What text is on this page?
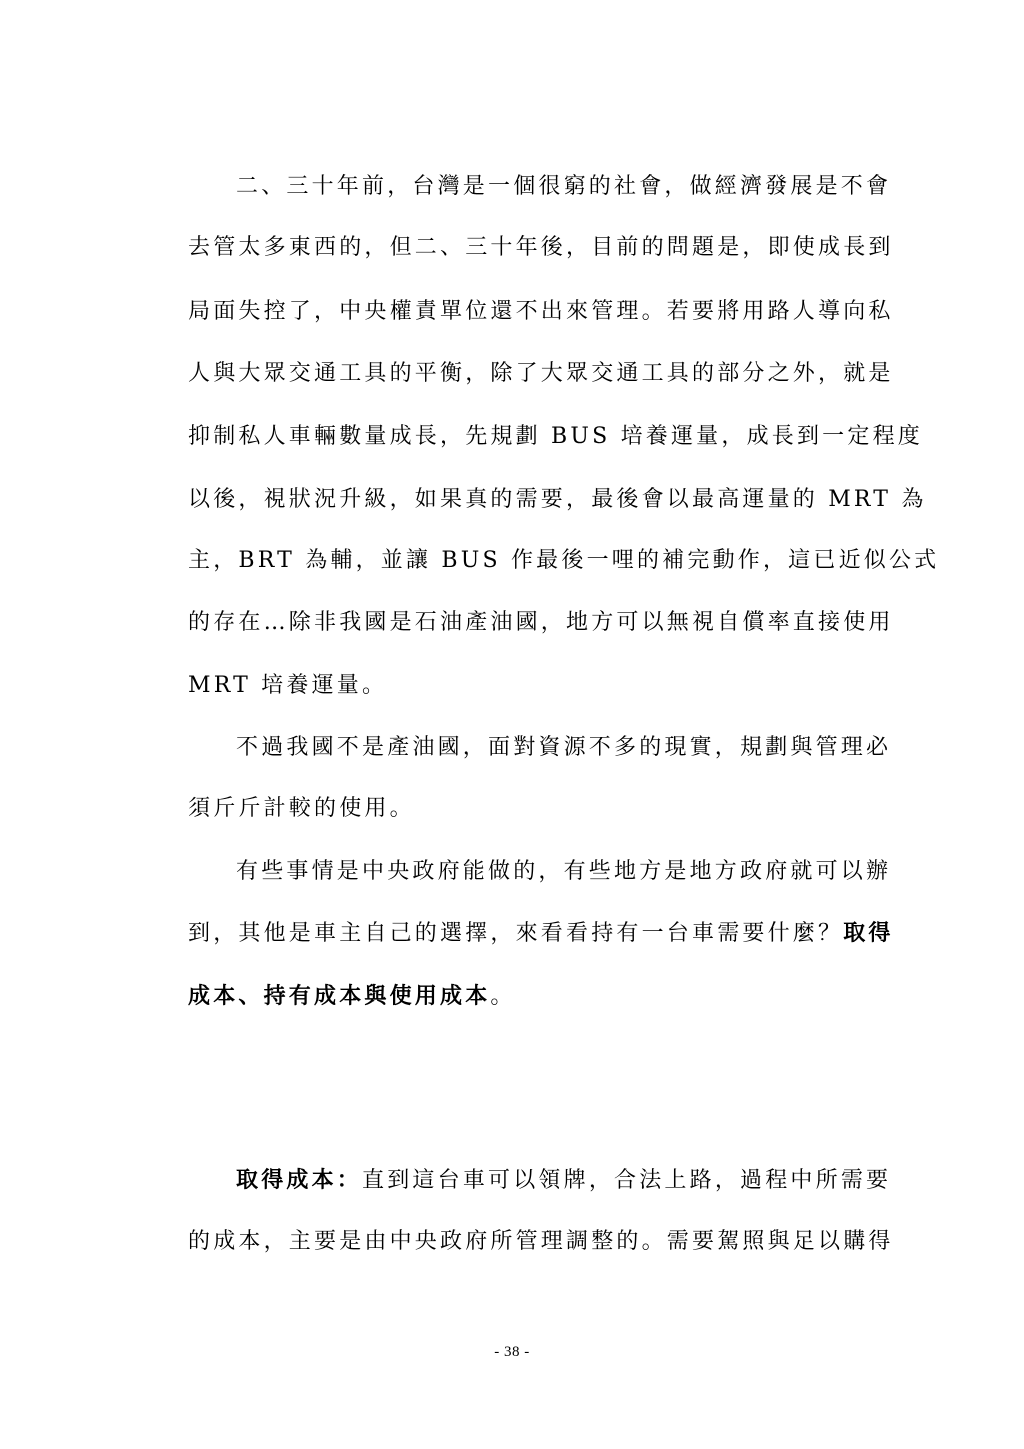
二、三十年前，台灣是一個很窮的社會，做經濟發展是不會
去管太多東西的，但二、三十年後，目前的問題是，即使成長到
局面失控了，中央權責單位還不出來管理。若要將用路人導向私
人與大眾交通工具的平衡，除了大眾交通工具的部分之外，就是
抑制私人車輛數量成長，先規劃 BUS 培養運量，成長到一定程度
以後，視狀況升級，如果真的需要，最後會以最高運量的 MRT 為
主，BRT 為輔，並讓 BUS 作最後一哩的補完動作，這已近似公式
的存在…除非我國是石油產油國，地方可以無視自償率直接使用
MRT 培養運量。
不過我國不是產油國，面對資源不多的現實，規劃與管理必
須斤斤計較的使用。
有些事情是中央政府能做的，有些地方是地方政府就可以辦
到，其他是車主自己的選擇，來看看持有一台車需要什麼？取得
成本、持有成本與使用成本。
取得成本：直到這台車可以領牌，合法上路，過程中所需要
的成本，主要是由中央政府所管理調整的。需要駕照與足以購得
- 38 -
